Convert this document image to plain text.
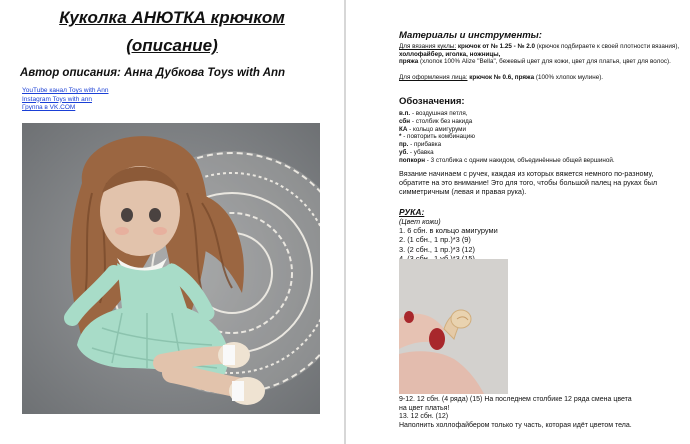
Куколка АНЮТКА крючком
(описание)
Автор описания: Анна Дубкова Toys with Ann
YouTube канал Toys with Ann
Instagram Toys with ann
Группа в VK.COM
Материалы и инструменты:
Для вязания куклы: крючок от № 1.25 - № 2.0 (крючок подбираете к своей плотности вязания), холлофайбер, иголка, ножницы,
пряжа (хлопок 100% Alize "Bella", бежевый цвет для кожи, цвет для платья, цвет для волос).
Для оформления лица: крючок № 0.6, пряжа (100% хлопок мулине).
Обозначения:
в.п. - воздушная петля,
сбн - столбик без накида
КА - кольцо амигуруми
* - повторить комбинацию
пр. - прибавка
уб. - убавка
попкорн - 3 столбика с одним накидом, объединённые общей вершиной.
Вязание начинаем с ручек, каждая из которых вяжется немного по-разному, обратите на это внимание! Это для того, чтобы большой палец на руках был симметричным (левая и правая рука).
РУКА:
(Цвет кожи)
1. 6 сбн. в кольцо амигуруми
2. (1 сбн., 1 пр.)*3 (9)
3. (2 сбн., 1 пр.)*3 (12)
9-12. 12 сбн. (4 ряда) (15) На последнем столбике 12 ряда смена цвета
на цвет платья!
13. 12 сбн. (12)
Наполнить холлофайбером только ту часть, которая идёт цветом тела.
